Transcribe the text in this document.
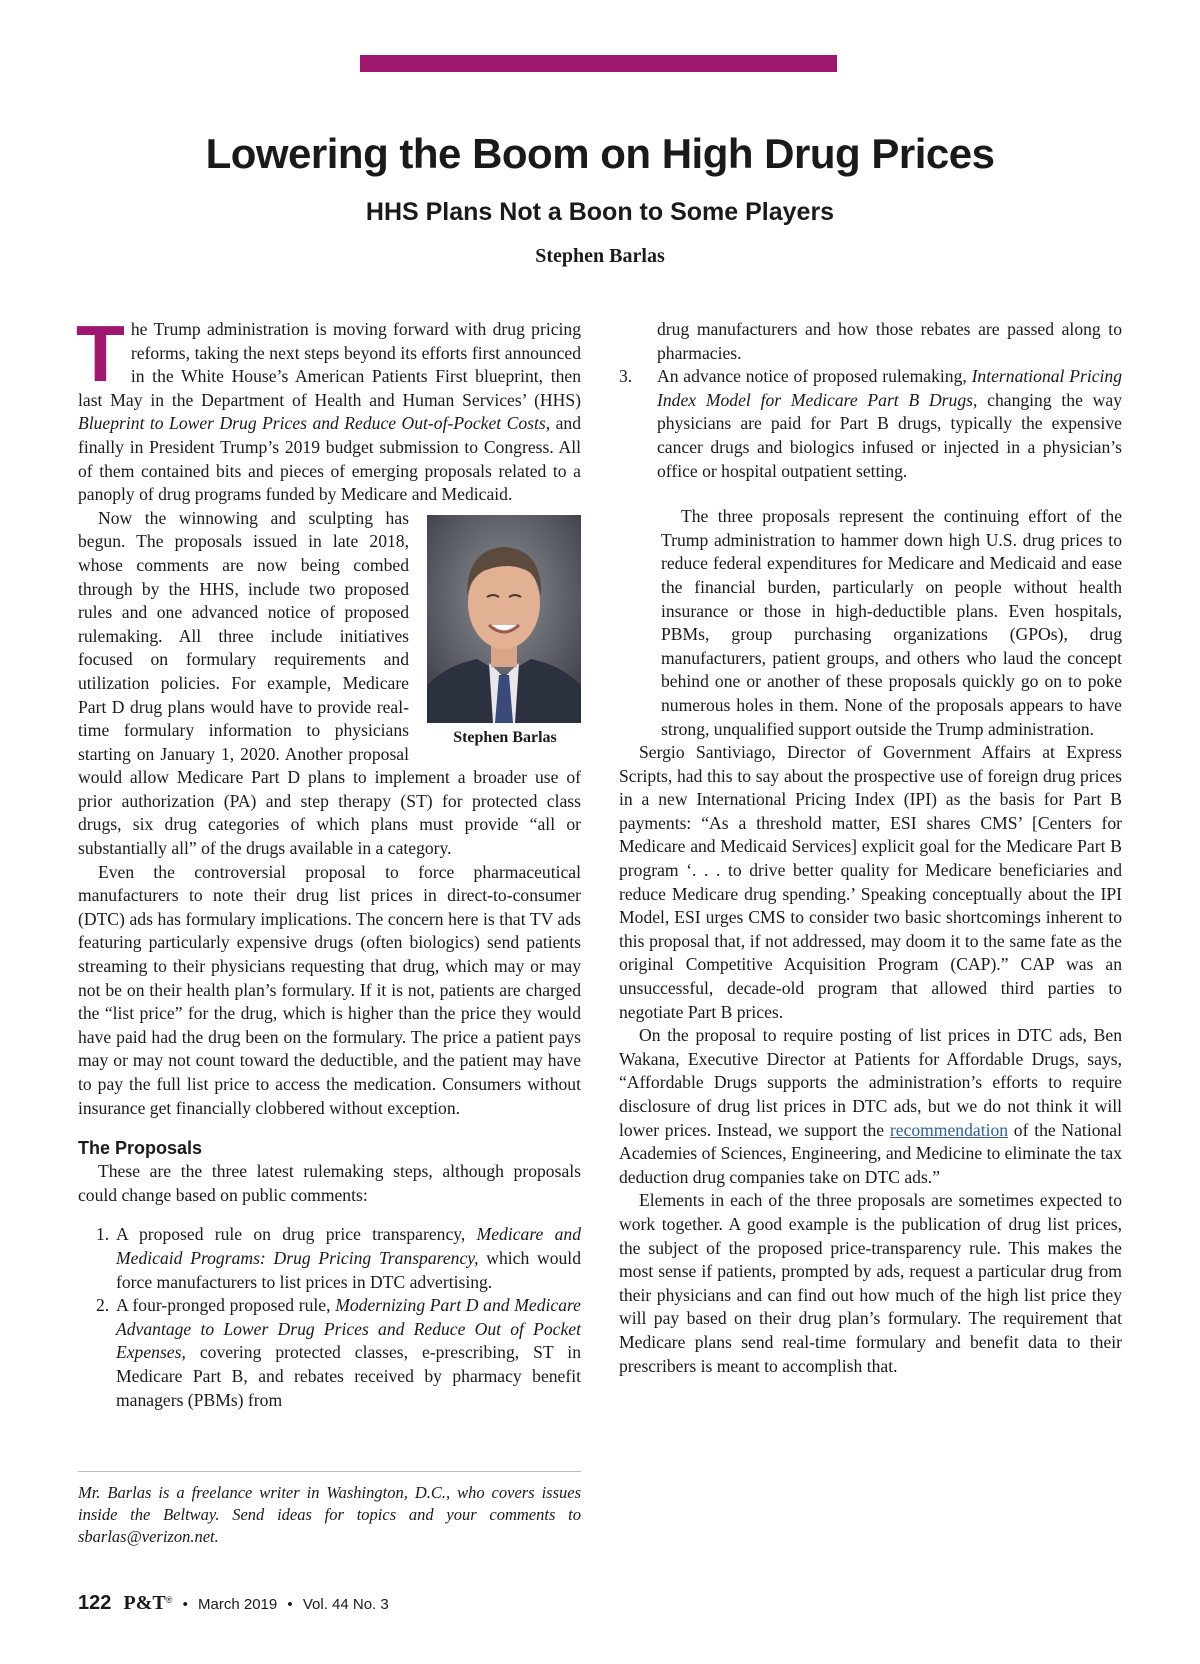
Lowering the Boom on High Drug Prices
HHS Plans Not a Boon to Some Players
Stephen Barlas

The Trump administration is moving forward with drug pricing reforms, taking the next steps beyond its efforts first announced in the White House’s American Patients First blueprint, then last May in the Department of Health and Human Services’ (HHS) Blueprint to Lower Drug Prices and Reduce Out-of-Pocket Costs, and finally in President Trump’s 2019 budget submission to Congress. All of them contained bits and pieces of emerging proposals related to a panoply of drug programs funded by Medicare and Medicaid.

Stephen Barlas

Now the winnowing and sculpting has begun. The proposals issued in late 2018, whose comments are now being combed through by the HHS, include two proposed rules and one advanced notice of proposed rulemaking. All three include initiatives focused on formulary requirements and utilization policies. For example, Medicare Part D drug plans would have to provide real-time formulary information to physicians starting on January 1, 2020. Another proposal would allow Medicare Part D plans to implement a broader use of prior authorization (PA) and step therapy (ST) for protected class drugs, six drug categories of which plans must provide “all or substantially all” of the drugs available in a category.

Even the controversial proposal to force pharmaceutical manufacturers to note their drug list prices in direct-to-consumer (DTC) ads has formulary implications. The concern here is that TV ads featuring particularly expensive drugs (often biologics) send patients streaming to their physicians requesting that drug, which may or may not be on their health plan’s formulary. If it is not, patients are charged the “list price” for the drug, which is higher than the price they would have paid had the drug been on the formulary. The price a patient pays may or may not count toward the deductible, and the patient may have to pay the full list price to access the medication. Consumers without insurance get financially clobbered without exception.

The Proposals

These are the three latest rulemaking steps, although proposals could change based on public comments:

1. A proposed rule on drug price transparency, Medicare and Medicaid Programs: Drug Pricing Transparency, which would force manufacturers to list prices in DTC advertising.
2. A four-pronged proposed rule, Modernizing Part D and Medicare Advantage to Lower Drug Prices and Reduce Out of Pocket Expenses, covering protected classes, e-prescribing, ST in Medicare Part B, and rebates received by pharmacy benefit managers (PBMs) from
drug manufacturers and how those rebates are passed along to pharmacies.
3. An advance notice of proposed rulemaking, International Pricing Index Model for Medicare Part B Drugs, changing the way physicians are paid for Part B drugs, typically the expensive cancer drugs and biologics infused or injected in a physician’s office or hospital outpatient setting.

The three proposals represent the continuing effort of the Trump administration to hammer down high U.S. drug prices to reduce federal expenditures for Medicare and Medicaid and ease the financial burden, particularly on people without health insurance or those in high-deductible plans. Even hospitals, PBMs, group purchasing organizations (GPOs), drug manufacturers, patient groups, and others who laud the concept behind one or another of these proposals quickly go on to poke numerous holes in them. None of the proposals appears to have strong, unqualified support outside the Trump administration.

Sergio Santiviago, Director of Government Affairs at Express Scripts, had this to say about the prospective use of foreign drug prices in a new International Pricing Index (IPI) as the basis for Part B payments: “As a threshold matter, ESI shares CMS’ [Centers for Medicare and Medicaid Services] explicit goal for the Medicare Part B program ‘. . . to drive better quality for Medicare beneficiaries and reduce Medicare drug spending.’ Speaking conceptually about the IPI Model, ESI urges CMS to consider two basic shortcomings inherent to this proposal that, if not addressed, may doom it to the same fate as the original Competitive Acquisition Program (CAP).” CAP was an unsuccessful, decade-old program that allowed third parties to negotiate Part B prices.

On the proposal to require posting of list prices in DTC ads, Ben Wakana, Executive Director at Patients for Affordable Drugs, says, “Affordable Drugs supports the administration’s efforts to require disclosure of drug list prices in DTC ads, but we do not think it will lower prices. Instead, we support the recommendation of the National Academies of Sciences, Engineering, and Medicine to eliminate the tax deduction drug companies take on DTC ads.”

Elements in each of the three proposals are sometimes expected to work together. A good example is the publication of drug list prices, the subject of the proposed price-transparency rule. This makes the most sense if patients, prompted by ads, request a particular drug from their physicians and can find out how much of the high list price they will pay based on their drug plan’s formulary. The requirement that Medicare plans send real-time formulary and benefit data to their prescribers is meant to accomplish that.

Mr. Barlas is a freelance writer in Washington, D.C., who covers issues inside the Beltway. Send ideas for topics and your comments to sbarlas@verizon.net.
122 P&T® • March 2019 • Vol. 44 No. 3
